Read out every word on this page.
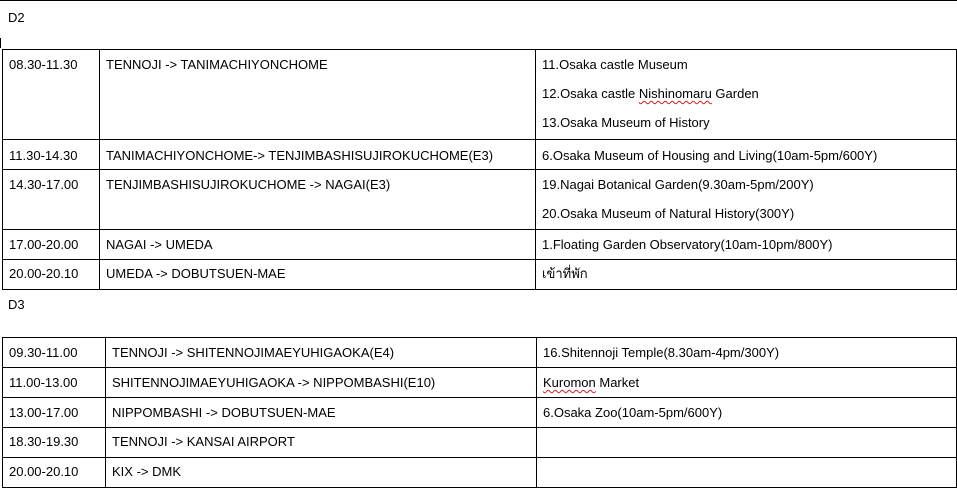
D2
08.30-11.30	TENNOJI -> TANIMACHIYONCHOME	11.Osaka castle Museum
12.Osaka castle Nishinomaru Garden
13.Osaka Museum of History

11.30-14.30	TANIMACHIYONCHOME-> TENJIMBASHISUJIROKUCHOME(E3)	6.Osaka Museum of Housing and Living(10am-5pm/600Y)

14.30-17.00	TENJIMBASHISUJIROKUCHOME -> NAGAI(E3)	19.Nagai Botanical Garden(9.30am-5pm/200Y)
20.Osaka Museum of Natural History(300Y)

17.00-20.00	NAGAI -> UMEDA	1.Floating Garden Observatory(10am-10pm/800Y)

20.00-20.10	UMEDA -> DOBUTSUEN-MAE	เข้าที่พัก
D3
09.30-11.00	TENNOJI -> SHITENNOJIMAEYUHIGAOKA(E4)	16.Shitennoji Temple(8.30am-4pm/300Y)

11.00-13.00	SHITENNOJIMAEYUHIGAOKA -> NIPPOMBASHI(E10)	Kuromon Market

13.00-17.00	NIPPOMBASHI -> DOBUTSUEN-MAE	6.Osaka Zoo(10am-5pm/600Y)

18.30-19.30	TENNOJI -> KANSAI AIRPORT	
20.00-20.10	KIX -> DMK	
